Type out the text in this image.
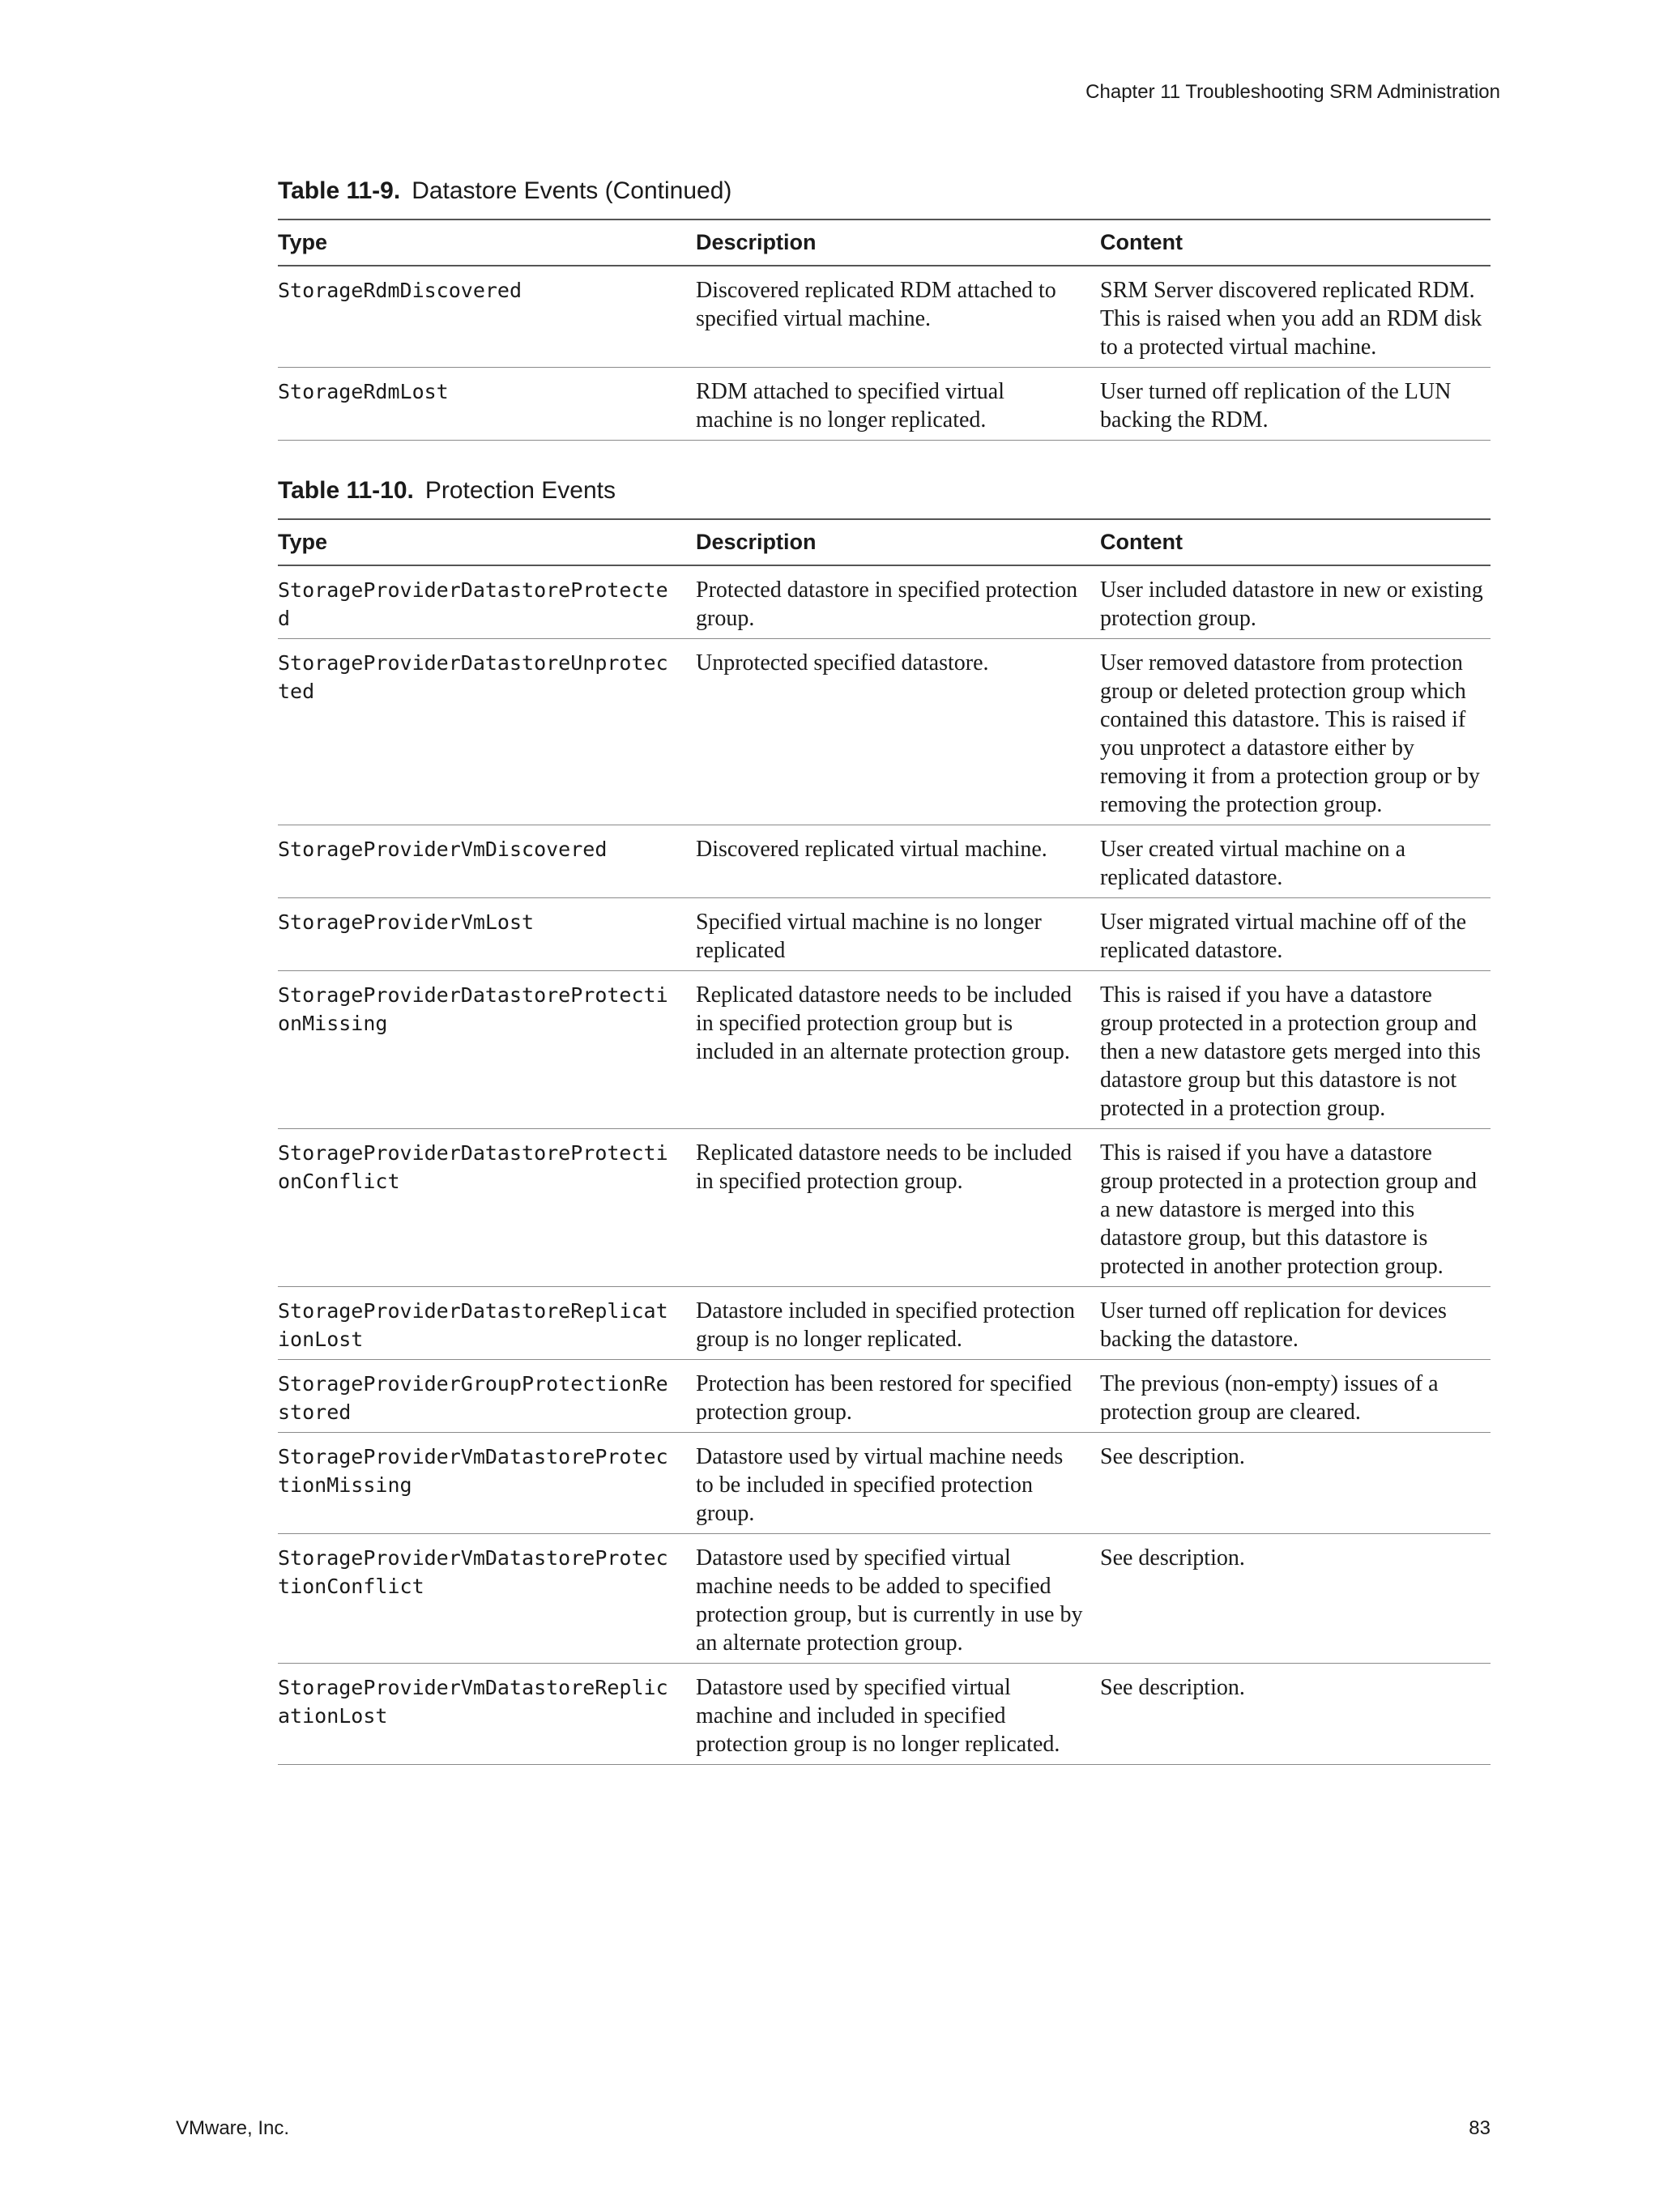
Chapter 11 Troubleshooting SRM Administration
Table 11-9. Datastore Events (Continued)
Type	Description	Content
StorageRdmDiscovered	Discovered replicated RDM attached to specified virtual machine.	SRM Server discovered replicated RDM. This is raised when you add an RDM disk to a protected virtual machine.
StorageRdmLost	RDM attached to specified virtual machine is no longer replicated.	User turned off replication of the LUN backing the RDM.
Table 11-10. Protection Events
Type	Description	Content
StorageProviderDatastoreProtected	Protected datastore in specified protection group.	User included datastore in new or existing protection group.
StorageProviderDatastoreUnprotected	Unprotected specified datastore.	User removed datastore from protection group or deleted protection group which contained this datastore. This is raised if you unprotect a datastore either by removing it from a protection group or by removing the protection group.
StorageProviderVmDiscovered	Discovered replicated virtual machine.	User created virtual machine on a replicated datastore.
StorageProviderVmLost	Specified virtual machine is no longer replicated	User migrated virtual machine off of the replicated datastore.
StorageProviderDatastoreProtectionMissing	Replicated datastore needs to be included in specified protection group but is included in an alternate protection group.	This is raised if you have a datastore group protected in a protection group and then a new datastore gets merged into this datastore group but this datastore is not protected in a protection group.
StorageProviderDatastoreProtectionConflict	Replicated datastore needs to be included in specified protection group.	This is raised if you have a datastore group protected in a protection group and a new datastore is merged into this datastore group, but this datastore is protected in another protection group.
StorageProviderDatastoreReplicationLost	Datastore included in specified protection group is no longer replicated.	User turned off replication for devices backing the datastore.
StorageProviderGroupProtectionRestored	Protection has been restored for specified protection group.	The previous (non-empty) issues of a protection group are cleared.
StorageProviderVmDatastoreProtectionMissing	Datastore used by virtual machine needs to be included in specified protection group.	See description.
StorageProviderVmDatastoreProtectionConflict	Datastore used by specified virtual machine needs to be added to specified protection group, but is currently in use by an alternate protection group.	See description.
StorageProviderVmDatastoreReplicationLost	Datastore used by specified virtual machine and included in specified protection group is no longer replicated.	See description.
VMware, Inc.	83
